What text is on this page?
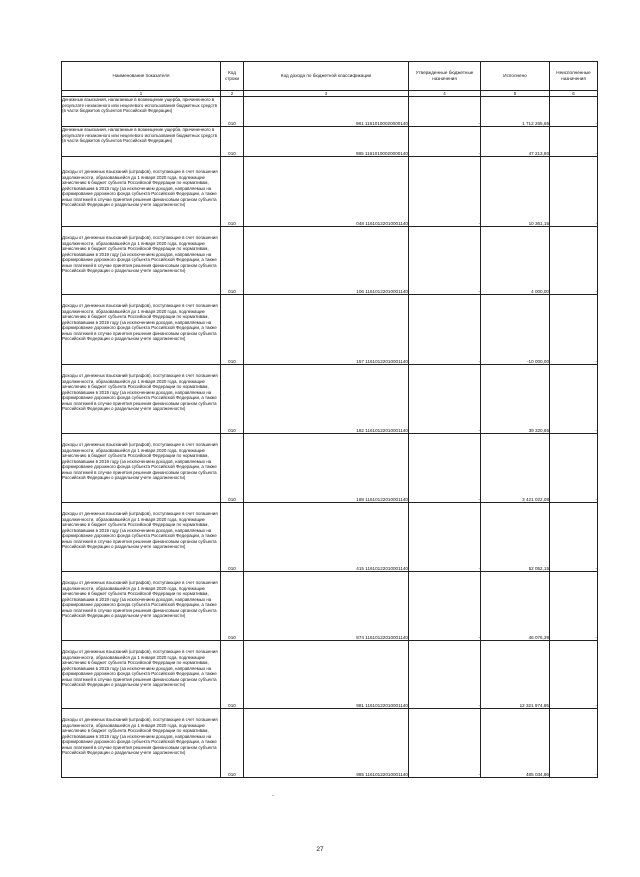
Наименование показателя	Код строки	Код дохода по бюджетной классификации	Утвержденные бюджетные назначения	Исполнено	Неисполненные назначения
1	2	3	4	5	6
Денежные взыскания, налагаемые в возмещение ущерба, причиненного в результате незаконного или нецелевого использования бюджетных средств (в части бюджетов субъектов Российской Федерации)	010	981 11610100020000140	-	1 712 265,66	-
Денежные взыскания, налагаемые в возмещение ущерба, причиненного в результате незаконного или нецелевого использования бюджетных средств (в части бюджетов субъектов Российской Федерации)	010	985 11610100020000140	-	47 213,80	-
Доходы от денежных взысканий (штрафов), поступающие в счет погашения задолженности, образовавшейся до 1 января 2020 года, подлежащие зачислению в бюджет субъекта Российской Федерации по нормативам, действовавшим в 2019 году (за исключением доходов, направляемых на формирование дорожного фонда субъекта Российской Федерации, а также иных платежей в случае принятия решения финансовым органом субъекта Российской Федерации о раздельном учете задолженности)	010	048 11610122010001140	-	10 361,15	-
Доходы от денежных взысканий (штрафов), поступающие в счет погашения задолженности, образовавшейся до 1 января 2020 года, подлежащие зачислению в бюджет субъекта Российской Федерации по нормативам, действовавшим в 2019 году (за исключением доходов, направляемых на формирование дорожного фонда субъекта Российской Федерации, а также иных платежей в случае принятия решения финансовым органом субъекта Российской Федерации о раздельном учете задолженности)	010	106 11610122010001140	-	4 000,00	-
Доходы от денежных взысканий (штрафов), поступающие в счет погашения задолженности, образовавшейся до 1 января 2020 года, подлежащие зачислению в бюджет субъекта Российской Федерации по нормативам, действовавшим в 2019 году (за исключением доходов, направляемых на формирование дорожного фонда субъекта Российской Федерации, а также иных платежей в случае принятия решения финансовым органом субъекта Российской Федерации о раздельном учете задолженности)	010	157 11610122010001140	-	-10 000,00	-
Доходы от денежных взысканий (штрафов), поступающие в счет погашения задолженности, образовавшейся до 1 января 2020 года, подлежащие зачислению в бюджет субъекта Российской Федерации по нормативам, действовавшим в 2019 году (за исключением доходов, направляемых на формирование дорожного фонда субъекта Российской Федерации, а также иных платежей в случае принятия решения финансовым органом субъекта Российской Федерации о раздельном учете задолженности)	010	182 11610122010001140	-	39 320,65	-
Доходы от денежных взысканий (штрафов), поступающие в счет погашения задолженности, образовавшейся до 1 января 2020 года, подлежащие зачислению в бюджет субъекта Российской Федерации по нормативам, действовавшим в 2019 году (за исключением доходов, направляемых на формирование дорожного фонда субъекта Российской Федерации, а также иных платежей в случае принятия решения финансовым органом субъекта Российской Федерации о раздельном учете задолженности)	010	188 11610122010001140	-	3 421 022,08	-
Доходы от денежных взысканий (штрафов), поступающие в счет погашения задолженности, образовавшейся до 1 января 2020 года, подлежащие зачислению в бюджет субъекта Российской Федерации по нормативам, действовавшим в 2019 году (за исключением доходов, направляемых на формирование дорожного фонда субъекта Российской Федерации, а также иных платежей в случае принятия решения финансовым органом субъекта Российской Федерации о раздельном учете задолженности)	010	415 11610122010001140	-	52 052,15	-
Доходы от денежных взысканий (штрафов), поступающие в счет погашения задолженности, образовавшейся до 1 января 2020 года, подлежащие зачислению в бюджет субъекта Российской Федерации по нормативам, действовавшим в 2019 году (за исключением доходов, направляемых на формирование дорожного фонда субъекта Российской Федерации, а также иных платежей в случае принятия решения финансовым органом субъекта Российской Федерации о раздельном учете задолженности)	010	874 11610122010001140	-	46 076,39	-
Доходы от денежных взысканий (штрафов), поступающие в счет погашения задолженности, образовавшейся до 1 января 2020 года, подлежащие зачислению в бюджет субъекта Российской Федерации по нормативам, действовавшим в 2019 году (за исключением доходов, направляемых на формирование дорожного фонда субъекта Российской Федерации, а также иных платежей в случае принятия решения финансовым органом субъекта Российской Федерации о раздельном учете задолженности)	010	981 11610122010001140	-	12 321 974,85	-
Доходы от денежных взысканий (штрафов), поступающие в счет погашения задолженности, образовавшейся до 1 января 2020 года, подлежащие зачислению в бюджет субъекта Российской Федерации по нормативам, действовавшим в 2019 году (за исключением доходов, направляемых на формирование дорожного фонда субъекта Российской Федерации, а также иных платежей в случае принятия решения финансовым органом субъекта Российской Федерации о раздельном учете задолженности)	010	985 11610122010001140	-	485 034,86	-
27
